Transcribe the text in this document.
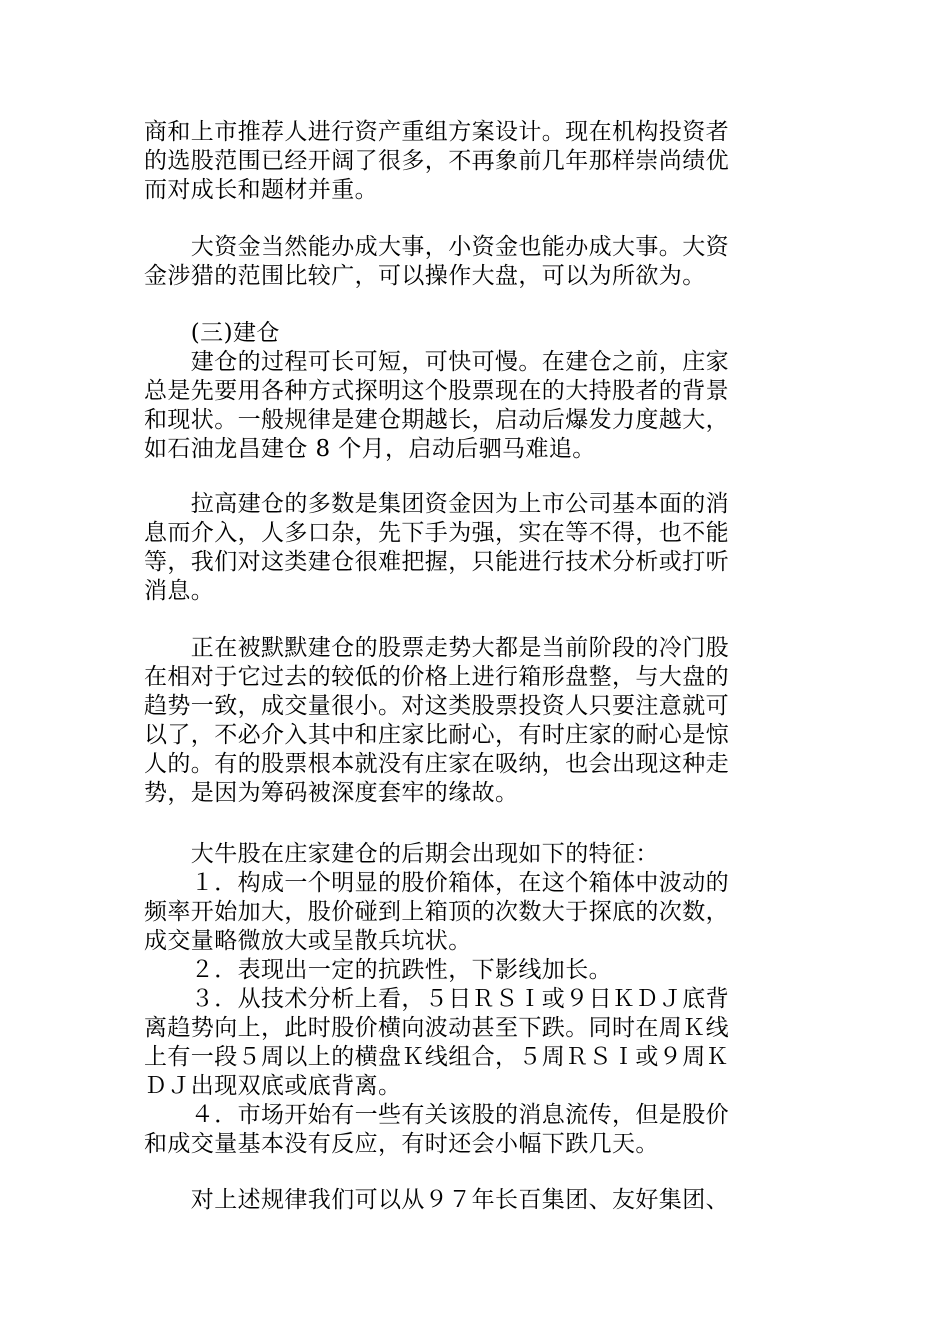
商和上市推荐人进行资产重组方案设计。现在机构投资者
的选股范围已经开阔了很多，不再象前几年那样崇尚绩优
而对成长和题材并重。
　　大资金当然能办成大事，小资金也能办成大事。大资
金涉猎的范围比较广，可以操作大盘，可以为所欲为。
　　(三)建仓
　　建仓的过程可长可短，可快可慢。在建仓之前，庄家
总是先要用各种方式探明这个股票现在的大持股者的背景
和现状。一般规律是建仓期越长，启动后爆发力度越大，
如石油龙昌建仓 8 个月，启动后驷马难追。
　　拉高建仓的多数是集团资金因为上市公司基本面的消
息而介入，人多口杂，先下手为强，实在等不得，也不能
等，我们对这类建仓很难把握，只能进行技术分析或打听
消息。
　　正在被默默建仓的股票走势大都是当前阶段的冷门股
在相对于它过去的较低的价格上进行箱形盘整，与大盘的
趋势一致，成交量很小。对这类股票投资人只要注意就可
以了，不必介入其中和庄家比耐心，有时庄家的耐心是惊
人的。有的股票根本就没有庄家在吸纳，也会出现这种走
势，是因为筹码被深度套牢的缘故。
　　大牛股在庄家建仓的后期会出现如下的特征：
　　１．构成一个明显的股价箱体，在这个箱体中波动的
频率开始加大，股价碰到上箱顶的次数大于探底的次数，
成交量略微放大或呈散兵坑状。
　　２．表现出一定的抗跌性，下影线加长。
　　３．从技术分析上看，５日ＲＳＩ或９日ＫＤＪ底背
离趋势向上，此时股价横向波动甚至下跌。同时在周Ｋ线
上有一段５周以上的横盘Ｋ线组合，５周ＲＳＩ或９周Ｋ
ＤＪ出现双底或底背离。
　　４．市场开始有一些有关该股的消息流传，但是股价
和成交量基本没有反应，有时还会小幅下跌几天。
　　对上述规律我们可以从９７年长百集团、友好集团、
